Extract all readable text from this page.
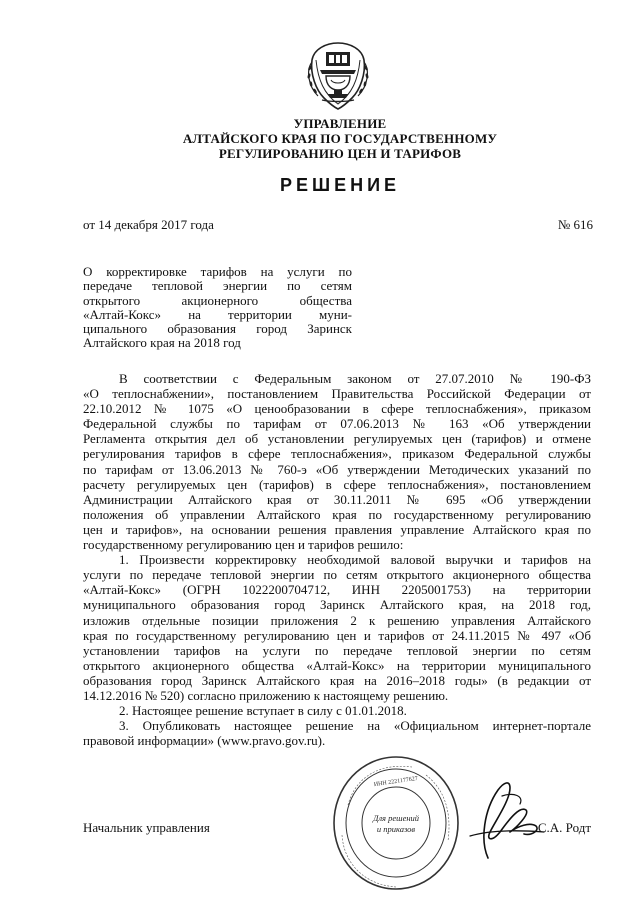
УПРАВЛЕНИЕ
АЛТАЙСКОГО КРАЯ ПО ГОСУДАРСТВЕННОМУ
РЕГУЛИРОВАНИЮ ЦЕН И ТАРИФОВ
РЕШЕНИЕ
от 14 декабря 2017 года	№ 616
О корректировке тарифов на услуги по
передаче тепловой энергии по сетям
открытого акционерного общества
«Алтай-Кокс» на территории муни-
ципального образования город Заринск
Алтайского края на 2018 год
В соответствии с Федеральным законом от 27.07.2010 № 190-ФЗ
«О теплоснабжении», постановлением Правительства Российской Федерации от
22.10.2012 № 1075 «О ценообразовании в сфере теплоснабжения», приказом
Федеральной службы по тарифам от 07.06.2013 № 163 «Об утверждении
Регламента открытия дел об установлении регулируемых цен (тарифов) и отмене
регулирования тарифов в сфере теплоснабжения», приказом Федеральной службы
по тарифам от 13.06.2013 № 760-э «Об утверждении Методических указаний по
расчету регулируемых цен (тарифов) в сфере теплоснабжения», постановлением
Администрации Алтайского края от 30.11.2011 № 695 «Об утверждении
положения об управлении Алтайского края по государственному регулированию
цен и тарифов», на основании решения правления управление Алтайского края по
государственному регулированию цен и тарифов решило:
1. Произвести корректировку необходимой валовой выручки и тарифов на
услуги по передаче тепловой энергии по сетям открытого акционерного общества
«Алтай-Кокс» (ОГРН 1022200704712, ИНН 2205001753) на территории
муниципального образования город Заринск Алтайского края, на 2018 год,
изложив отдельные позиции приложения 2 к решению управления Алтайского
края по государственному регулированию цен и тарифов от 24.11.2015 № 497 «Об
установлении тарифов на услуги по передаче тепловой энергии по сетям
открытого акционерного общества «Алтай-Кокс» на территории муниципального
образования город Заринск Алтайского края на 2016–2018 годы» (в редакции от
14.12.2016 № 520) согласно приложению к настоящему решению.
2. Настоящее решение вступает в силу с 01.01.2018.
3. Опубликовать настоящее решение на «Официальном интернет-портале
правовой информации» (www.pravo.gov.ru).
Начальник управления	С.А. Родт
Для решений
и приказов
ИНН 2221177627
